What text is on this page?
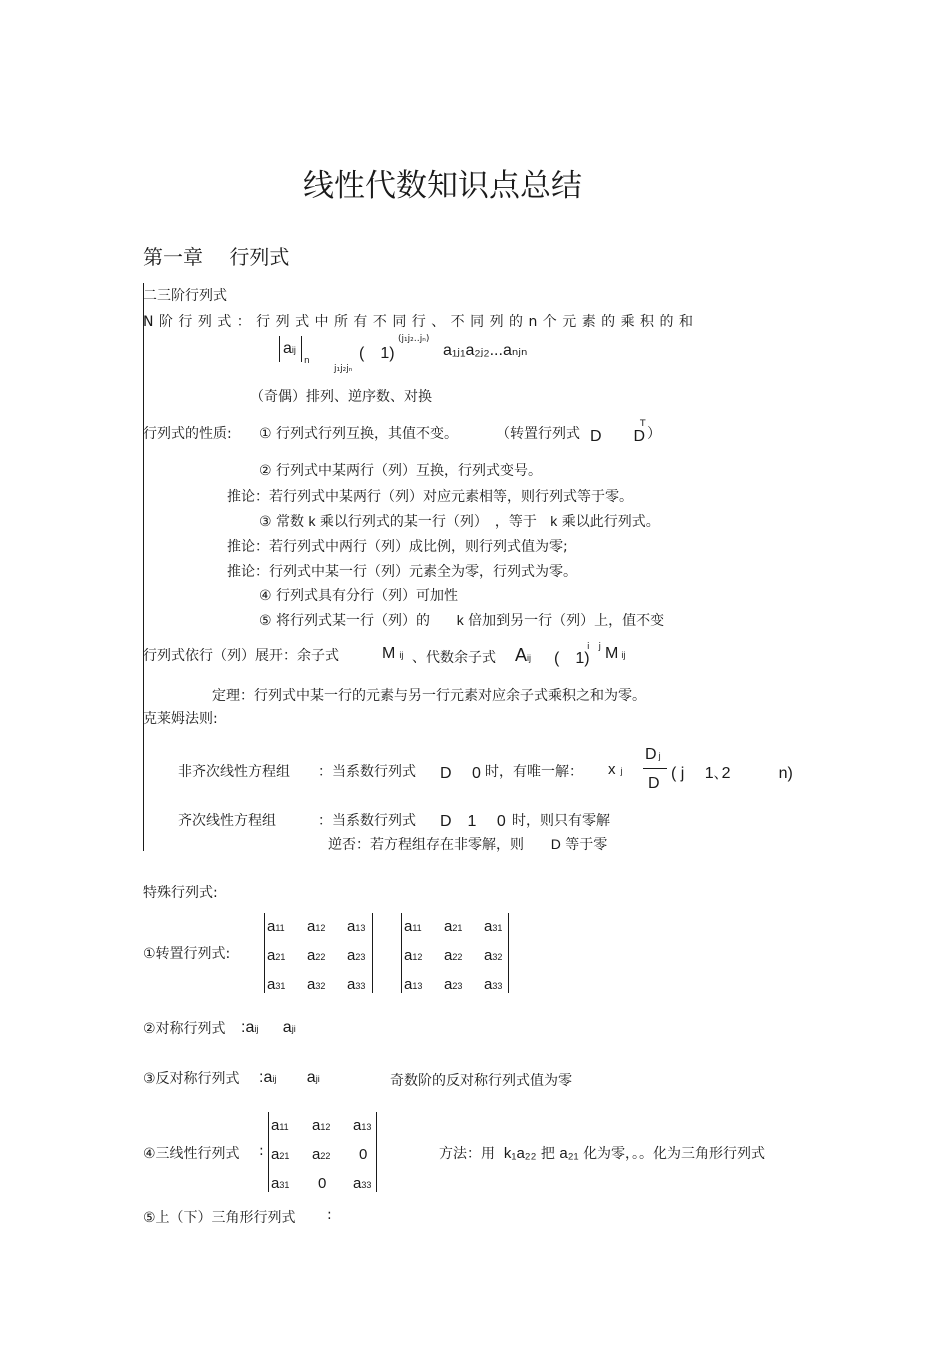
线性代数知识点总结
第一章　 行列式
二三阶行列式
N 阶 行 列 式 ： 行 列 式 中 所 有 不 同 行 、 不 同 列 的 n 个 元 素 的 乘 积 的 和
aij
n	(　1)
(j₁j₂‥jₙ)
a₁ⱼ₁a₂ⱼ₂...aₙⱼₙ
j₁j₂jₙ
（奇偶）排列、逆序数、对换
行列式的性质: ① 行列式行列互换，其值不变。	（转置行列式 D　　D
T
）
② 行列式中某两行（列）互换，行列式变号。
推论：若行列式中某两行（列）对应元素相等，则行列式等于零。
③ 常数 k 乘以行列式的某一行（列）　，等于 k 乘以此行列式。
推论：若行列式中两行（列）成比例，则行列式值为零;
推论：行列式中某一行（列）元素全为零，行列式为零。
④ 行列式具有分行（列）可加性
⑤ 将行列式某一行（列）的 k 倍加到另一行（列）上，值不变
行列式依行（列）展开：余子式	Mij 、代数余子式 Aij (　1)
i　j Mij
定理：行列式中某一行的元素与另一行元素对应余子式乘积之和为零。
克莱姆法则:
非齐次线性方程组 ：当系数行列式 D　 0 时，有唯一解： xj
Dj
D
( j　 1､2　　　n)
齐次线性方程组	：当系数行列式 D　1　 0 时，则只有零解
逆否：若方程组存在非零解，则 D 等于零
特殊行列式:
①转置行列式:
a11 a12 a13
a21 a22 a23
a31 a32 a33
a11 a21 a31
a12 a22 a32
a13 a23 a33
②对称行列式 :aij aji
③反对称行列式 :aij aji	奇数阶的反对称行列式值为零
④三线性行列式 :
a11 a12 a13
a21 a22 0
a31 0 a33
方法：用 k₁a₂₂ 把 a₂₁ 化为零，。。化为三角形行列式
⑤上（下）三角形行列式 :
